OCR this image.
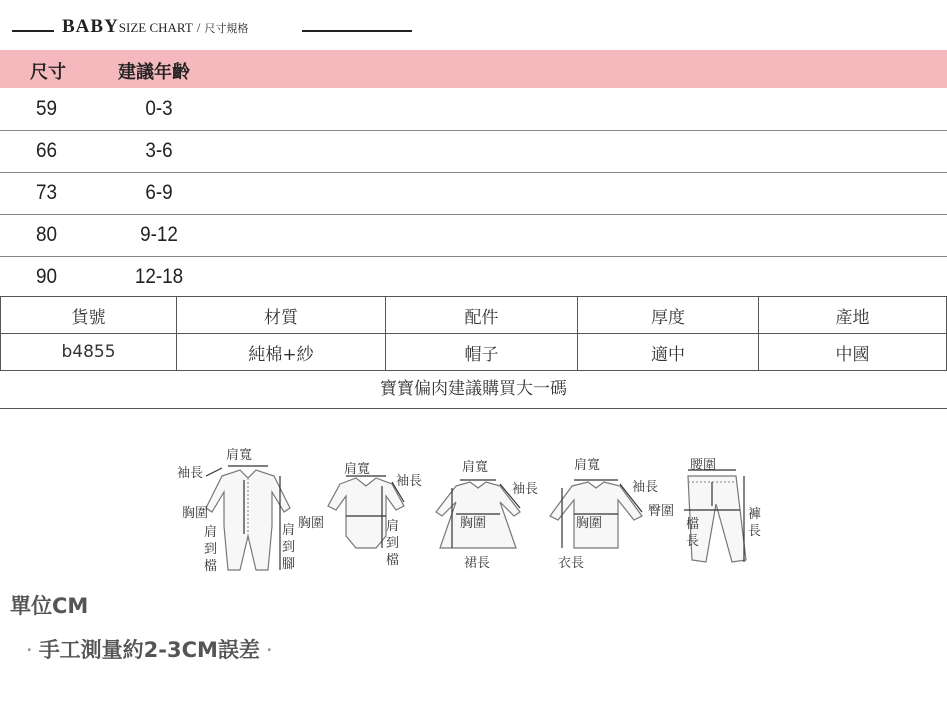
BABYSIZE CHART / 尺寸規格
尺寸	建議年齡
59	0-3
66	3-6
73	6-9
80	9-12
90	12-18
貨號	材質	配件	厚度	產地
b4855	純棉+紗	帽子	適中	中國
寶寶偏肉建議購買大一碼
肩寬
袖長
胸圍
肩到檔
肩到腳
肩寬
袖長
胸圍	肩到檔
肩寬
袖長
胸圍
裙長
肩寬
袖長
胸圍
衣長
腰圍
臀圍
檔長
褲長
單位CM
· 手工測量約2-3CM誤差 ·
